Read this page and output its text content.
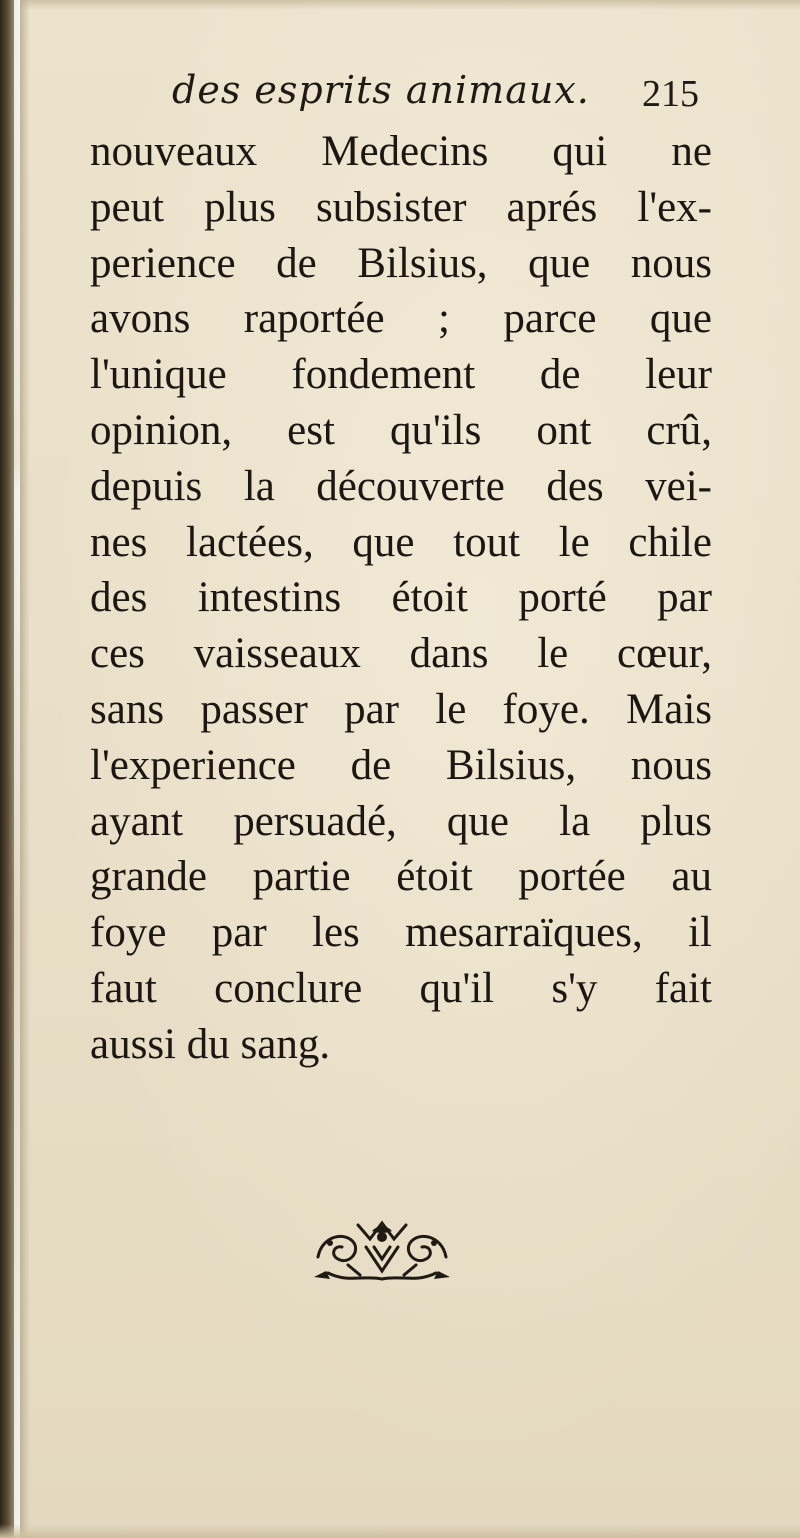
des esprits animaux. 215
nouveaux Medecins qui ne
peut plus subsister aprés l'ex-
perience de Bilsius, que nous
avons raportée ; parce que
l'unique fondement de leur
opinion, est qu'ils ont crû,
depuis la découverte des vei-
nes lactées, que tout le chile
des intestins étoit porté par
ces vaisseaux dans le cœur,
sans passer par le foye. Mais
l'experience de Bilsius, nous
ayant persuadé, que la plus
grande partie étoit portée au
foye par les mesarraïques, il
faut conclure qu'il s'y fait
aussi du sang.
